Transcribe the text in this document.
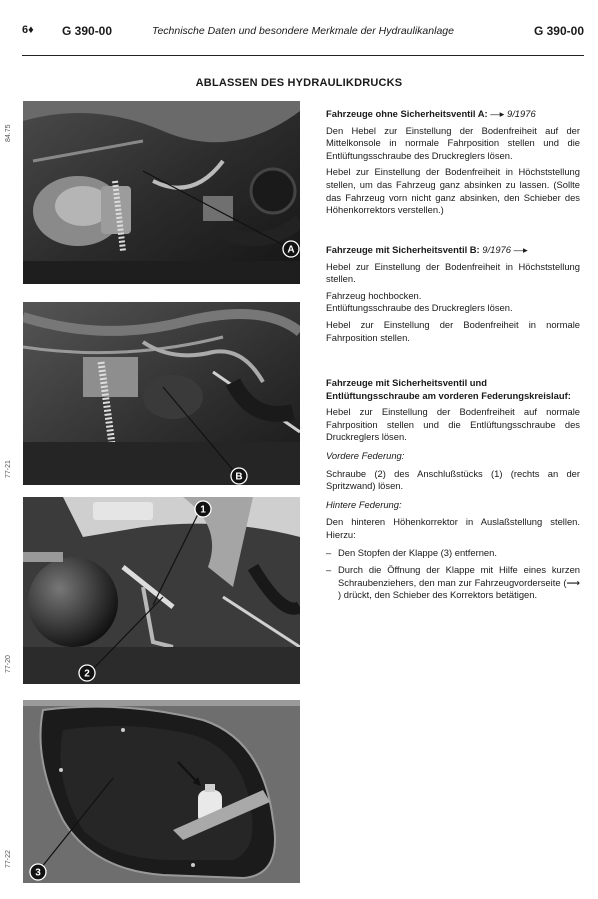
6♦ G 390-00	Technische Daten und besondere Merkmale der Hydraulikanlage	G 390-00
ABLASSEN DES HYDRAULIKDRUCKS
84.75
77-21
77-20
77-22
A
B
1
2
3

Fahrzeuge ohne Sicherheitsventil A: —▸ 9/1976

Den Hebel zur Einstellung der Bodenfreiheit auf der Mittelkonsole in normale Fahrposition stellen und die Entlüftungsschraube des Druckreglers lösen.

Hebel zur Einstellung der Bodenfreiheit in Höchststellung stellen, um das Fahrzeug ganz absinken zu lassen. (Sollte das Fahrzeug vorn nicht ganz absinken, den Schieber des Höhenkorrektors verstellen.)

Fahrzeuge mit Sicherheitsventil B: 9/1976 —▸

Hebel zur Einstellung der Bodenfreiheit in Höchststellung stellen.

Fahrzeug hochbocken.

Entlüftungsschraube des Druckreglers lösen.

Hebel zur Einstellung der Bodenfreiheit in normale Fahrposition stellen.

Fahrzeuge mit Sicherheitsventil und Entlüftungsschraube am vorderen Federungskreislauf:

Hebel zur Einstellung der Bodenfreiheit auf normale Fahrposition stellen und die Entlüftungsschraube des Druckreglers lösen.

Vordere Federung:

Schraube (2) des Anschlußstücks (1) (rechts an der Spritzwand) lösen.

Hintere Federung:

Den hinteren Höhenkorrektor in Auslaßstellung stellen. Hierzu:

– Den Stopfen der Klappe (3) entfernen.

– Durch die Öffnung der Klappe mit Hilfe eines kurzen Schraubenziehers, den man zur Fahrzeugvorderseite (⟶ ) drückt, den Schieber des Korrektors betätigen.
